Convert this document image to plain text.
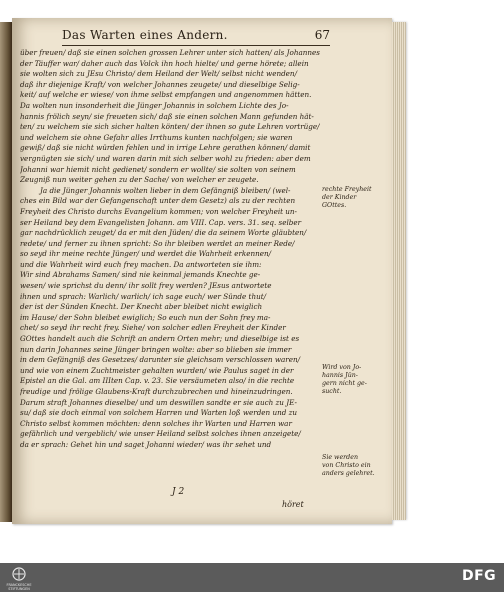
Das Warten eines Andern.	67
über freuen/ daß sie einen solchen grossen Lehrer unter sich hatten/ als Johannes
der Täuffer war/ daher auch das Volck ihn hoch hielte/ und gerne hörete; allein
sie wolten sich zu JEsu Christo/ dem Heiland der Welt/ selbst nicht wenden/
daß ihr diejenige Kraft/ von welcher Johannes zeugete/ und dieselbige Selig-
keit/ auf welche er wiese/ von ihme selbst empfangen und angenommen hätten.
Da wolten nun insonderheit die Jünger Johannis in solchem Lichte des Jo-
hannis frölich seyn/ sie freueten sich/ daß sie einen solchen Mann gefunden hät-
ten/ zu welchem sie sich sicher halten könten/ der ihnen so gute Lehren vortrüge/
und welchem sie ohne Gefahr alles Irrthums kunten nachfolgen; sie waren
gewiß/ daß sie nicht würden fehlen und in irrige Lehre gerathen können/ damit
vergnügten sie sich/ und waren darin mit sich selber wohl zu frieden: aber dem
Johanni war hiemit nicht gedienet/ sondern er wollte/ sie solten von seinem
Zeugniß nun weiter gehen zu der Sache/ von welcher er zeugete.
Ja die Jünger Johannis wolten lieber in dem Gefängniß bleiben/ (wel-
ches ein Bild war der Gefangenschaft unter dem Gesetz) als zu der rechten
Freyheit des Christo durchs Evangelium kommen; von welcher Freyheit un-
ser Heiland bey dem Evangelisten Johann. am VIII. Cap. vers. 31. seq. selber
gar nachdrücklich zeuget/ da er mit den Jüden/ die da seinem Worte gläubten/
redete/ und ferner zu ihnen spricht: So ihr bleiben werdet an meiner Rede/
so seyd ihr meine rechte Jünger/ und werdet die Wahrheit erkennen/
und die Wahrheit wird euch frey machen. Da antworteten sie ihm:
Wir sind Abrahams Samen/ sind nie keinmal jemands Knechte ge-
wesen/ wie sprichst du denn/ ihr sollt frey werden? JEsus antwortete
ihnen und sprach: Warlich/ warlich/ ich sage euch/ wer Sünde thut/
der ist der Sünden Knecht. Der Knecht aber bleibet nicht ewiglich
im Hause/ der Sohn bleibet ewiglich; So euch nun der Sohn frey ma-
chet/ so seyd ihr recht frey. Siehe/ von solcher edlen Freyheit der Kinder
GOttes handelt auch die Schrift an andern Orten mehr; und dieselbige ist es
nun darin Johannes seine Jünger bringen wolte: aber so blieben sie immer
in dem Gefängniß des Gesetzes/ darunter sie gleichsam verschlossen waren/
und wie von einem Zuchtmeister gehalten wurden/ wie Paulus saget in der
Epistel an die Gal. am IIIten Cap. v. 23. Sie versäumeten also/ in die rechte
freudige und frölige Glaubens-Kraft durchzubrechen und hineinzudringen.
Darum straft Johannes dieselbe/ und um deswillen sandte er sie auch zu JE-
su/ daß sie doch einmal von solchem Harren und Warten loß werden und zu
Christo selbst kommen möchten: denn solches ihr Warten und Harren war
gefährlich und vergeblich/ wie unser Heiland selbst solches ihnen anzeigete/
da er sprach: Gehet hin und saget Johanni wieder/ was ihr sehet und
rechte Freyheit
der Kinder
GOttes.
Wird von Jo-
hannis Jün-
gern nicht ge-
sucht.
Sie werden
von Christo ein
anders gelehret.
J 2
höret
FRANCKESCHE
STIFTUNGEN
DFG
